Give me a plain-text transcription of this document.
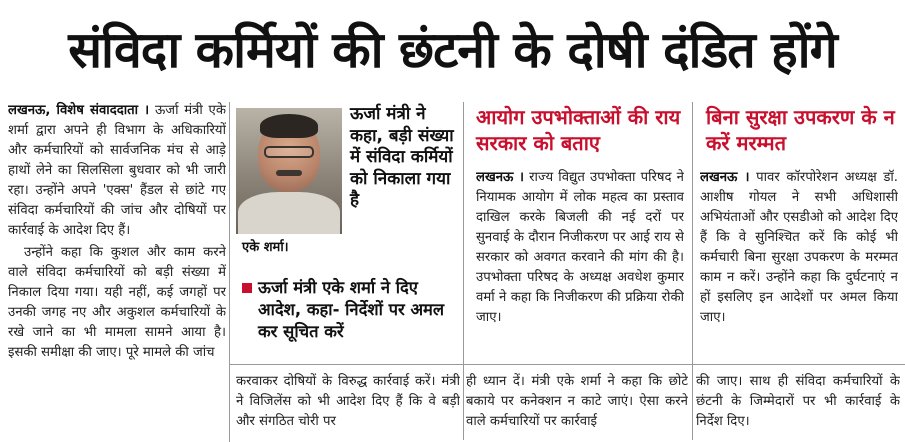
संविदा कर्मियों की छंटनी के दोषी दंडित होंगे

लखनऊ, विशेष संवाददाता । ऊर्जा मंत्री एके शर्मा द्वारा अपने ही विभाग के अधिकारियों और कर्मचारियों को सार्वजनिक मंच से आड़े हाथों लेने का सिलसिला बुधवार को भी जारी रहा। उन्होंने अपने 'एक्स' हैंडल से छांटे गए संविदा कर्मचारियों की जांच और दोषियों पर कार्रवाई के आदेश दिए हैं।

उन्होंने कहा कि कुशल और काम करने वाले संविदा कर्मचारियों को बड़ी संख्या में निकाल दिया गया। यही नहीं, कई जगहों पर उनकी जगह नए और अकुशल कर्मचारियों के रखे जाने का भी मामला सामने आया है। इसकी समीक्षा की जाए। पूरे मामले की जांच

एके शर्मा।
ऊर्जा मंत्री ने कहा, बड़ी संख्या में संविदा कर्मियों को निकाला गया है
ऊर्जा मंत्री एके शर्मा ने दिए आदेश, कहा- निर्देशों पर अमल कर सूचित करें
आयोग उपभोक्ताओं की राय सरकार को बताए

लखनऊ । राज्य विद्युत उपभोक्ता परिषद ने नियामक आयोग में लोक महत्व का प्रस्ताव दाखिल करके बिजली की नई दरों पर सुनवाई के दौरान निजीकरण पर आई राय से सरकार को अवगत करवाने की मांग की है। उपभोक्ता परिषद के अध्यक्ष अवधेश कुमार वर्मा ने कहा कि निजीकरण की प्रक्रिया रोकी जाए।

बिना सुरक्षा उपकरण के न करें मरम्मत

लखनऊ । पावर कॉरपोरेशन अध्यक्ष डॉ. आशीष गोयल ने सभी अधिशासी अभियंताओं और एसडीओ को आदेश दिए हैं कि वे सुनिश्चित करें कि कोई भी कर्मचारी बिना सुरक्षा उपकरण के मरम्मत काम न करें। उन्होंने कहा कि दुर्घटनाएं न हों इसलिए इन आदेशों पर अमल किया जाए।

करवाकर दोषियों के विरुद्ध कार्रवाई करें। मंत्री ने विजिलेंस को भी आदेश दिए हैं कि वे बड़ी और संगठित चोरी पर
ही ध्यान दें। मंत्री एके शर्मा ने कहा कि छोटे बकाये पर कनेक्शन न काटे जाएं। ऐसा करने वाले कर्मचारियों पर कार्रवाई
की जाए। साथ ही संविदा कर्मचारियों के छंटनी के जिम्मेदारों पर भी कार्रवाई के निर्देश दिए।
